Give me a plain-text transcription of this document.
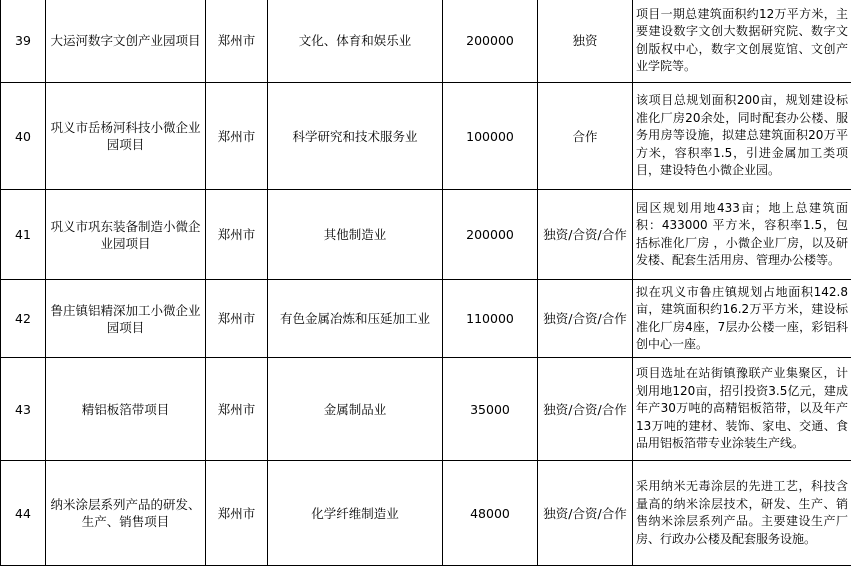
39	大运河数字文创产业园项目	郑州市	文化、体育和娱乐业	200000	独资	项目一期总建筑面积约12万平方米，主要建设数字文创大数据研究院、数字文创版权中心，数字文创展览馆、文创产业学院等。
40	巩义市岳杨河科技小微企业园项目	郑州市	科学研究和技术服务业	100000	合作	该项目总规划面积200亩，规划建设标准化厂房20余处，同时配套办公楼、服务用房等设施，拟建总建筑面积20万平方米，容积率1.5，引进金属加工类项目，建设特色小微企业园。
41	巩义市巩东装备制造小微企业园项目	郑州市	其他制造业	200000	独资/合资/合作	园区规划用地433亩；地上总建筑面积：433000 平方米，容积率1.5，包括标准化厂房 ，小微企业厂房，以及研发楼、配套生活用房、管理办公楼等。
42	鲁庄镇铝精深加工小微企业园项目	郑州市	有色金属冶炼和压延加工业	110000	独资/合资/合作	拟在巩义市鲁庄镇规划占地面积142.8亩，建筑面积约16.2万平方米，建设标准化厂房4座，7层办公楼一座，彩铝科创中心一座。
43	精铝板箔带项目	郑州市	金属制品业	35000	独资/合资/合作	项目选址在站街镇豫联产业集聚区，计划用地120亩，招引投资3.5亿元，建成年产30万吨的高精铝板箔带，以及年产13万吨的建材、装饰、家电、交通、食品用铝板箔带专业涂装生产线。
44	纳米涂层系列产品的研发、生产、销售项目	郑州市	化学纤维制造业	48000	独资/合资/合作	采用纳米无毒涂层的先进工艺，科技含量高的纳米涂层技术，研发、生产、销售纳米涂层系列产品。主要建设生产厂房、行政办公楼及配套服务设施。
